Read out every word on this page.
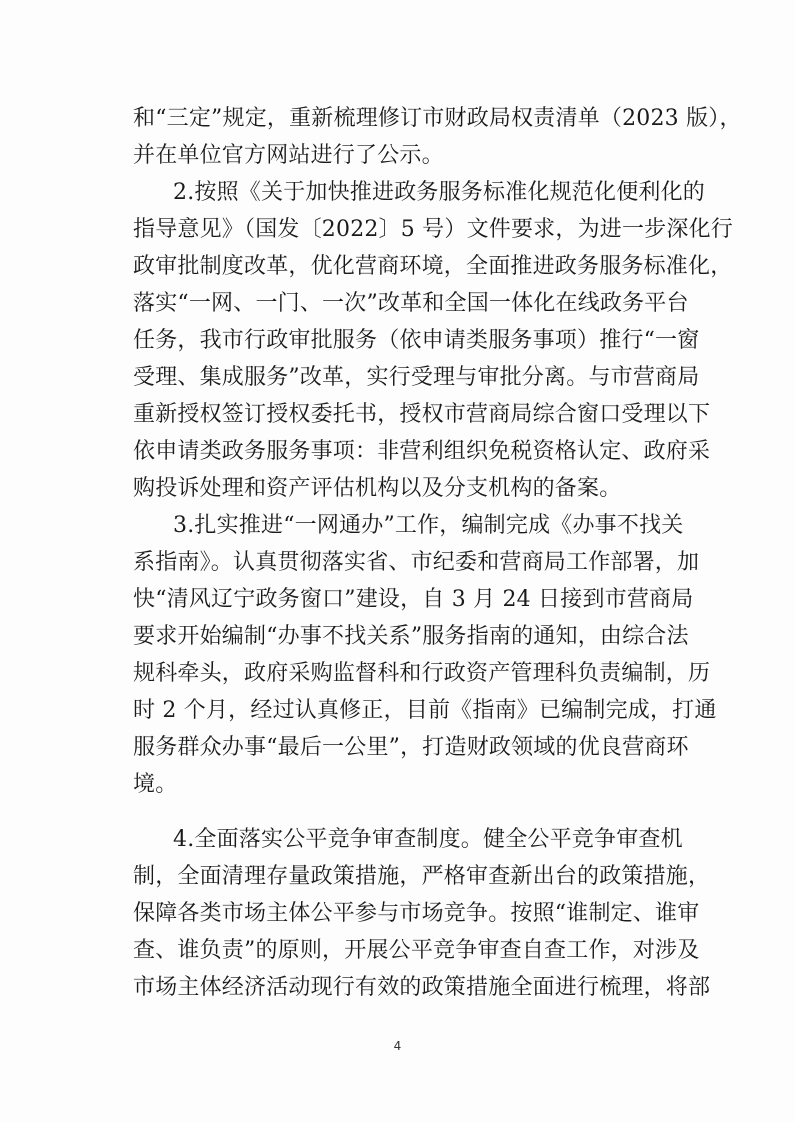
和“三定”规定，重新梳理修订市财政局权责清单（2023 版），
并在单位官方网站进行了公示。
2.按照《关于加快推进政务服务标准化规范化便利化的
指导意见》（国发〔2022〕5 号）文件要求，为进一步深化行
政审批制度改革，优化营商环境，全面推进政务服务标准化，
落实“一网、一门、一次”改革和全国一体化在线政务平台
任务，我市行政审批服务（依申请类服务事项）推行“一窗
受理、集成服务”改革，实行受理与审批分离。与市营商局
重新授权签订授权委托书，授权市营商局综合窗口受理以下
依申请类政务服务事项：非营利组织免税资格认定、政府采
购投诉处理和资产评估机构以及分支机构的备案。
3.扎实推进“一网通办”工作，编制完成《办事不找关
系指南》。认真贯彻落实省、市纪委和营商局工作部署，加
快“清风辽宁政务窗口”建设，自 3 月 24 日接到市营商局
要求开始编制“办事不找关系”服务指南的通知，由综合法
规科牵头，政府采购监督科和行政资产管理科负责编制，历
时 2 个月，经过认真修正，目前《指南》已编制完成，打通
服务群众办事“最后一公里”，打造财政领域的优良营商环
境。
4.全面落实公平竞争审查制度。健全公平竞争审查机
制，全面清理存量政策措施，严格审查新出台的政策措施，
保障各类市场主体公平参与市场竞争。按照“谁制定、谁审
查、谁负责”的原则，开展公平竞争审查自查工作，对涉及
市场主体经济活动现行有效的政策措施全面进行梳理，将部
4
